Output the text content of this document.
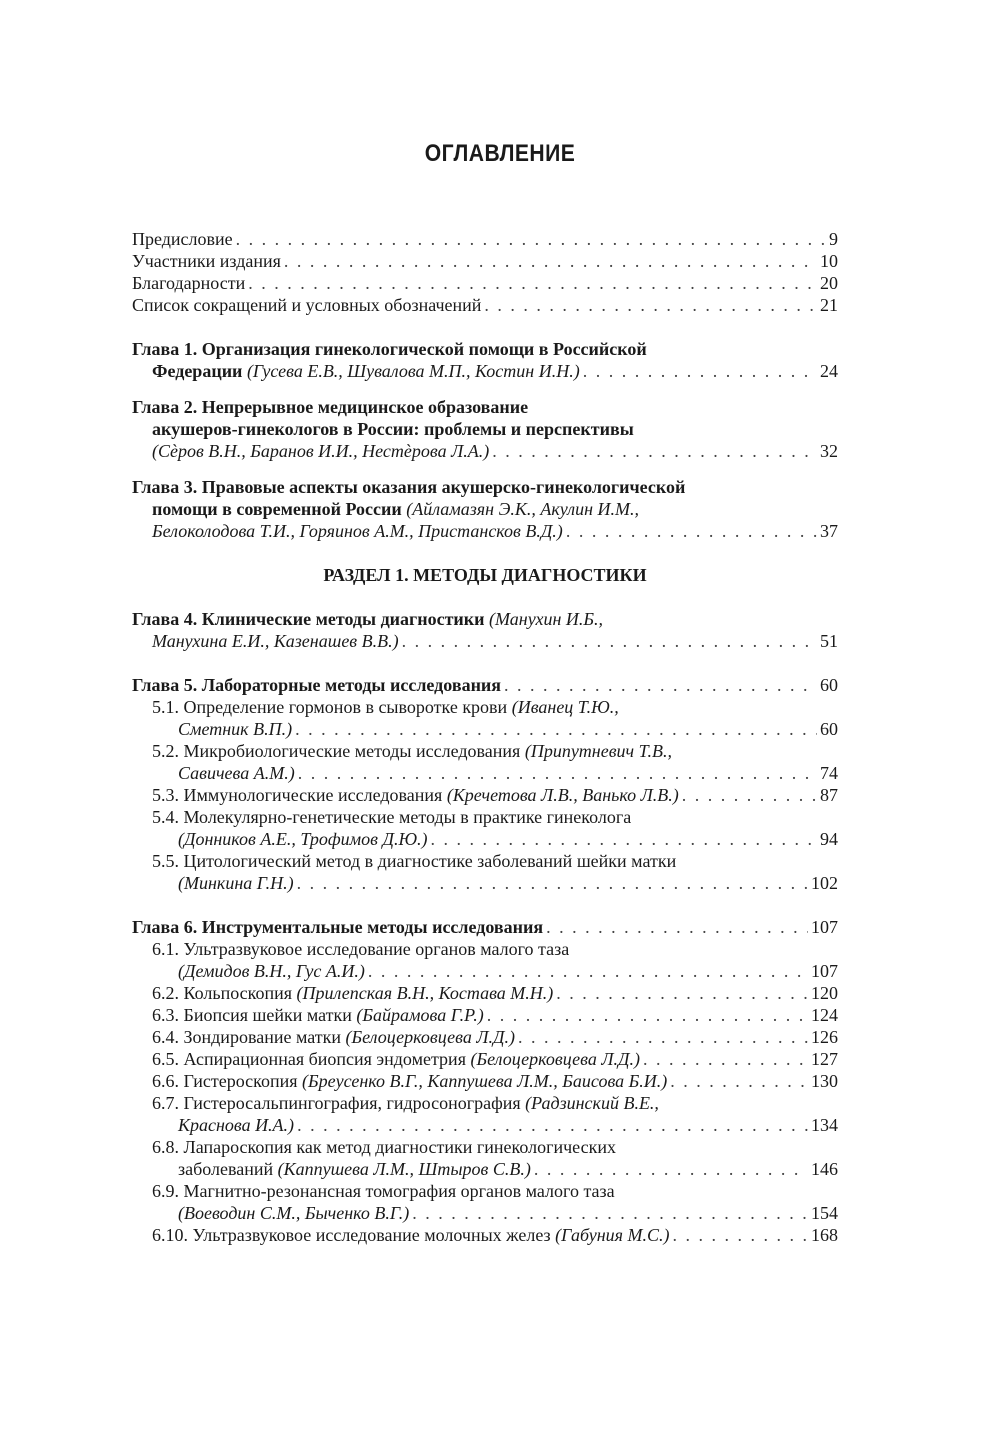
ОГЛАВЛЕНИЕ
Предисловие . . .	9
Участники издания . . .	10
Благодарности . . .	20
Список сокращений и условных обозначений . . .	21
Глава 1. Организация гинекологической помощи в Российской
Федерации (Гусева Е.В., Шувалова М.П., Костин И.Н.) . . .	24
Глава 2. Непрерывное медицинское образование
акушеров-гинекологов в России: проблемы и перспективы
(Сѐров В.Н., Баранов И.И., Нестѐрова Л.А.) . . .	32
Глава 3. Правовые аспекты оказания акушерско-гинекологической
помощи в современной России (Айламазян Э.К., Акулин И.М.,
Белоколодова Т.И., Горяинов А.М., Пристансков В.Д.) . . .	37
РАЗДЕЛ 1. МЕТОДЫ ДИАГНОСТИКИ
Глава 4. Клинические методы диагностики (Манухин И.Б.,
Манухина Е.И., Казенашев В.В.) . . .	51
Глава 5. Лабораторные методы исследования . . .	60
5.1. Определение гормонов в сыворотке крови (Иванец Т.Ю.,
Сметник В.П.) . . .	60
5.2. Микробиологические методы исследования (Припутневич Т.В.,
Савичева А.М.) . . .	74
5.3. Иммунологические исследования (Кречетова Л.В., Ванько Л.В.) . . .	87
5.4. Молекулярно-генетические методы в практике гинеколога
(Донников А.Е., Трофимов Д.Ю.) . . .	94
5.5. Цитологический метод в диагностике заболеваний шейки матки
(Минкина Г.Н.) . . .	102
Глава 6. Инструментальные методы исследования . . .	107
6.1. Ультразвуковое исследование органов малого таза
(Демидов В.Н., Гус А.И.) . . .	107
6.2. Кольпоскопия (Прилепская В.Н., Костава М.Н.) . . .	120
6.3. Биопсия шейки матки (Байрамова Г.Р.) . . .	124
6.4. Зондирование матки (Белоцерковцева Л.Д.) . . .	126
6.5. Аспирационная биопсия эндометрия (Белоцерковцева Л.Д.) . . .	127
6.6. Гистероскопия (Бреусенко В.Г., Каппушева Л.М., Баисова Б.И.) . . .	130
6.7. Гистеросальпингография, гидросонография (Радзинский В.Е.,
Краснова И.А.) . . .	134
6.8. Лапароскопия как метод диагностики гинекологических
заболеваний (Каппушева Л.М., Штыров С.В.) . . .	146
6.9. Магнитно-резонансная томография органов малого таза
(Воеводин С.М., Быченко В.Г.) . . .	154
6.10. Ультразвуковое исследование молочных желез (Габуния М.С.) . . .	168
